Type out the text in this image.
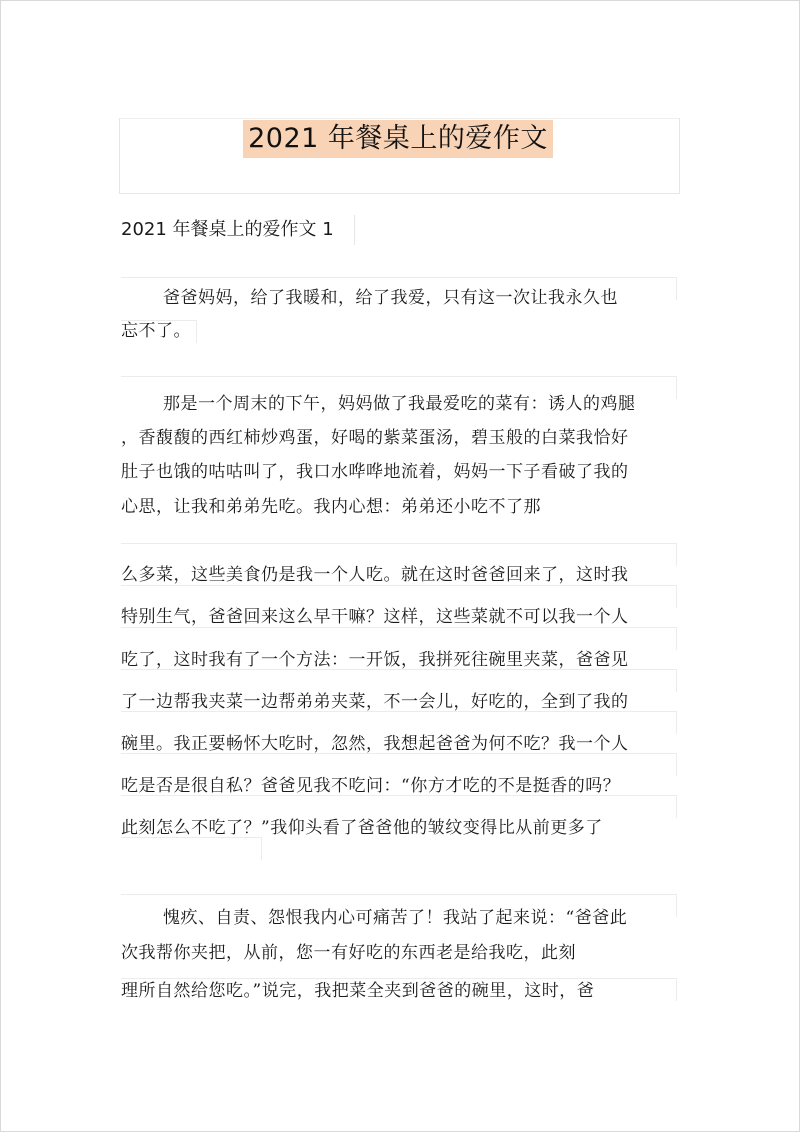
2021 年餐桌上的爱作文
2021 年餐桌上的爱作文 1
爸爸妈妈，给了我暖和，给了我爱，只有这一次让我永久也
忘不了。
那是一个周末的下午，妈妈做了我最爱吃的菜有：诱人的鸡腿
，香馥馥的西红柿炒鸡蛋，好喝的紫菜蛋汤，碧玉般的白菜我恰好
肚子也饿的咕咕叫了，我口水哗哗地流着，妈妈一下子看破了我的
心思，让我和弟弟先吃。我内心想：弟弟还小吃不了那
么多菜，这些美食仍是我一个人吃。就在这时爸爸回来了，这时我
特别生气，爸爸回来这么早干嘛？这样，这些菜就不可以我一个人
吃了，这时我有了一个方法：一开饭，我拼死往碗里夹菜，爸爸见
了一边帮我夹菜一边帮弟弟夹菜，不一会儿，好吃的，全到了我的
碗里。我正要畅怀大吃时，忽然，我想起爸爸为何不吃？我一个人
吃是否是很自私？爸爸见我不吃问：“你方才吃的不是挺香的吗？
此刻怎么不吃了？”我仰头看了爸爸他的皱纹变得比从前更多了
愧疚、自责、怨恨我内心可痛苦了！我站了起来说：“爸爸此
次我帮你夹把，从前，您一有好吃的东西老是给我吃，此刻
理所自然给您吃。”说完，我把菜全夹到爸爸的碗里，这时，爸
